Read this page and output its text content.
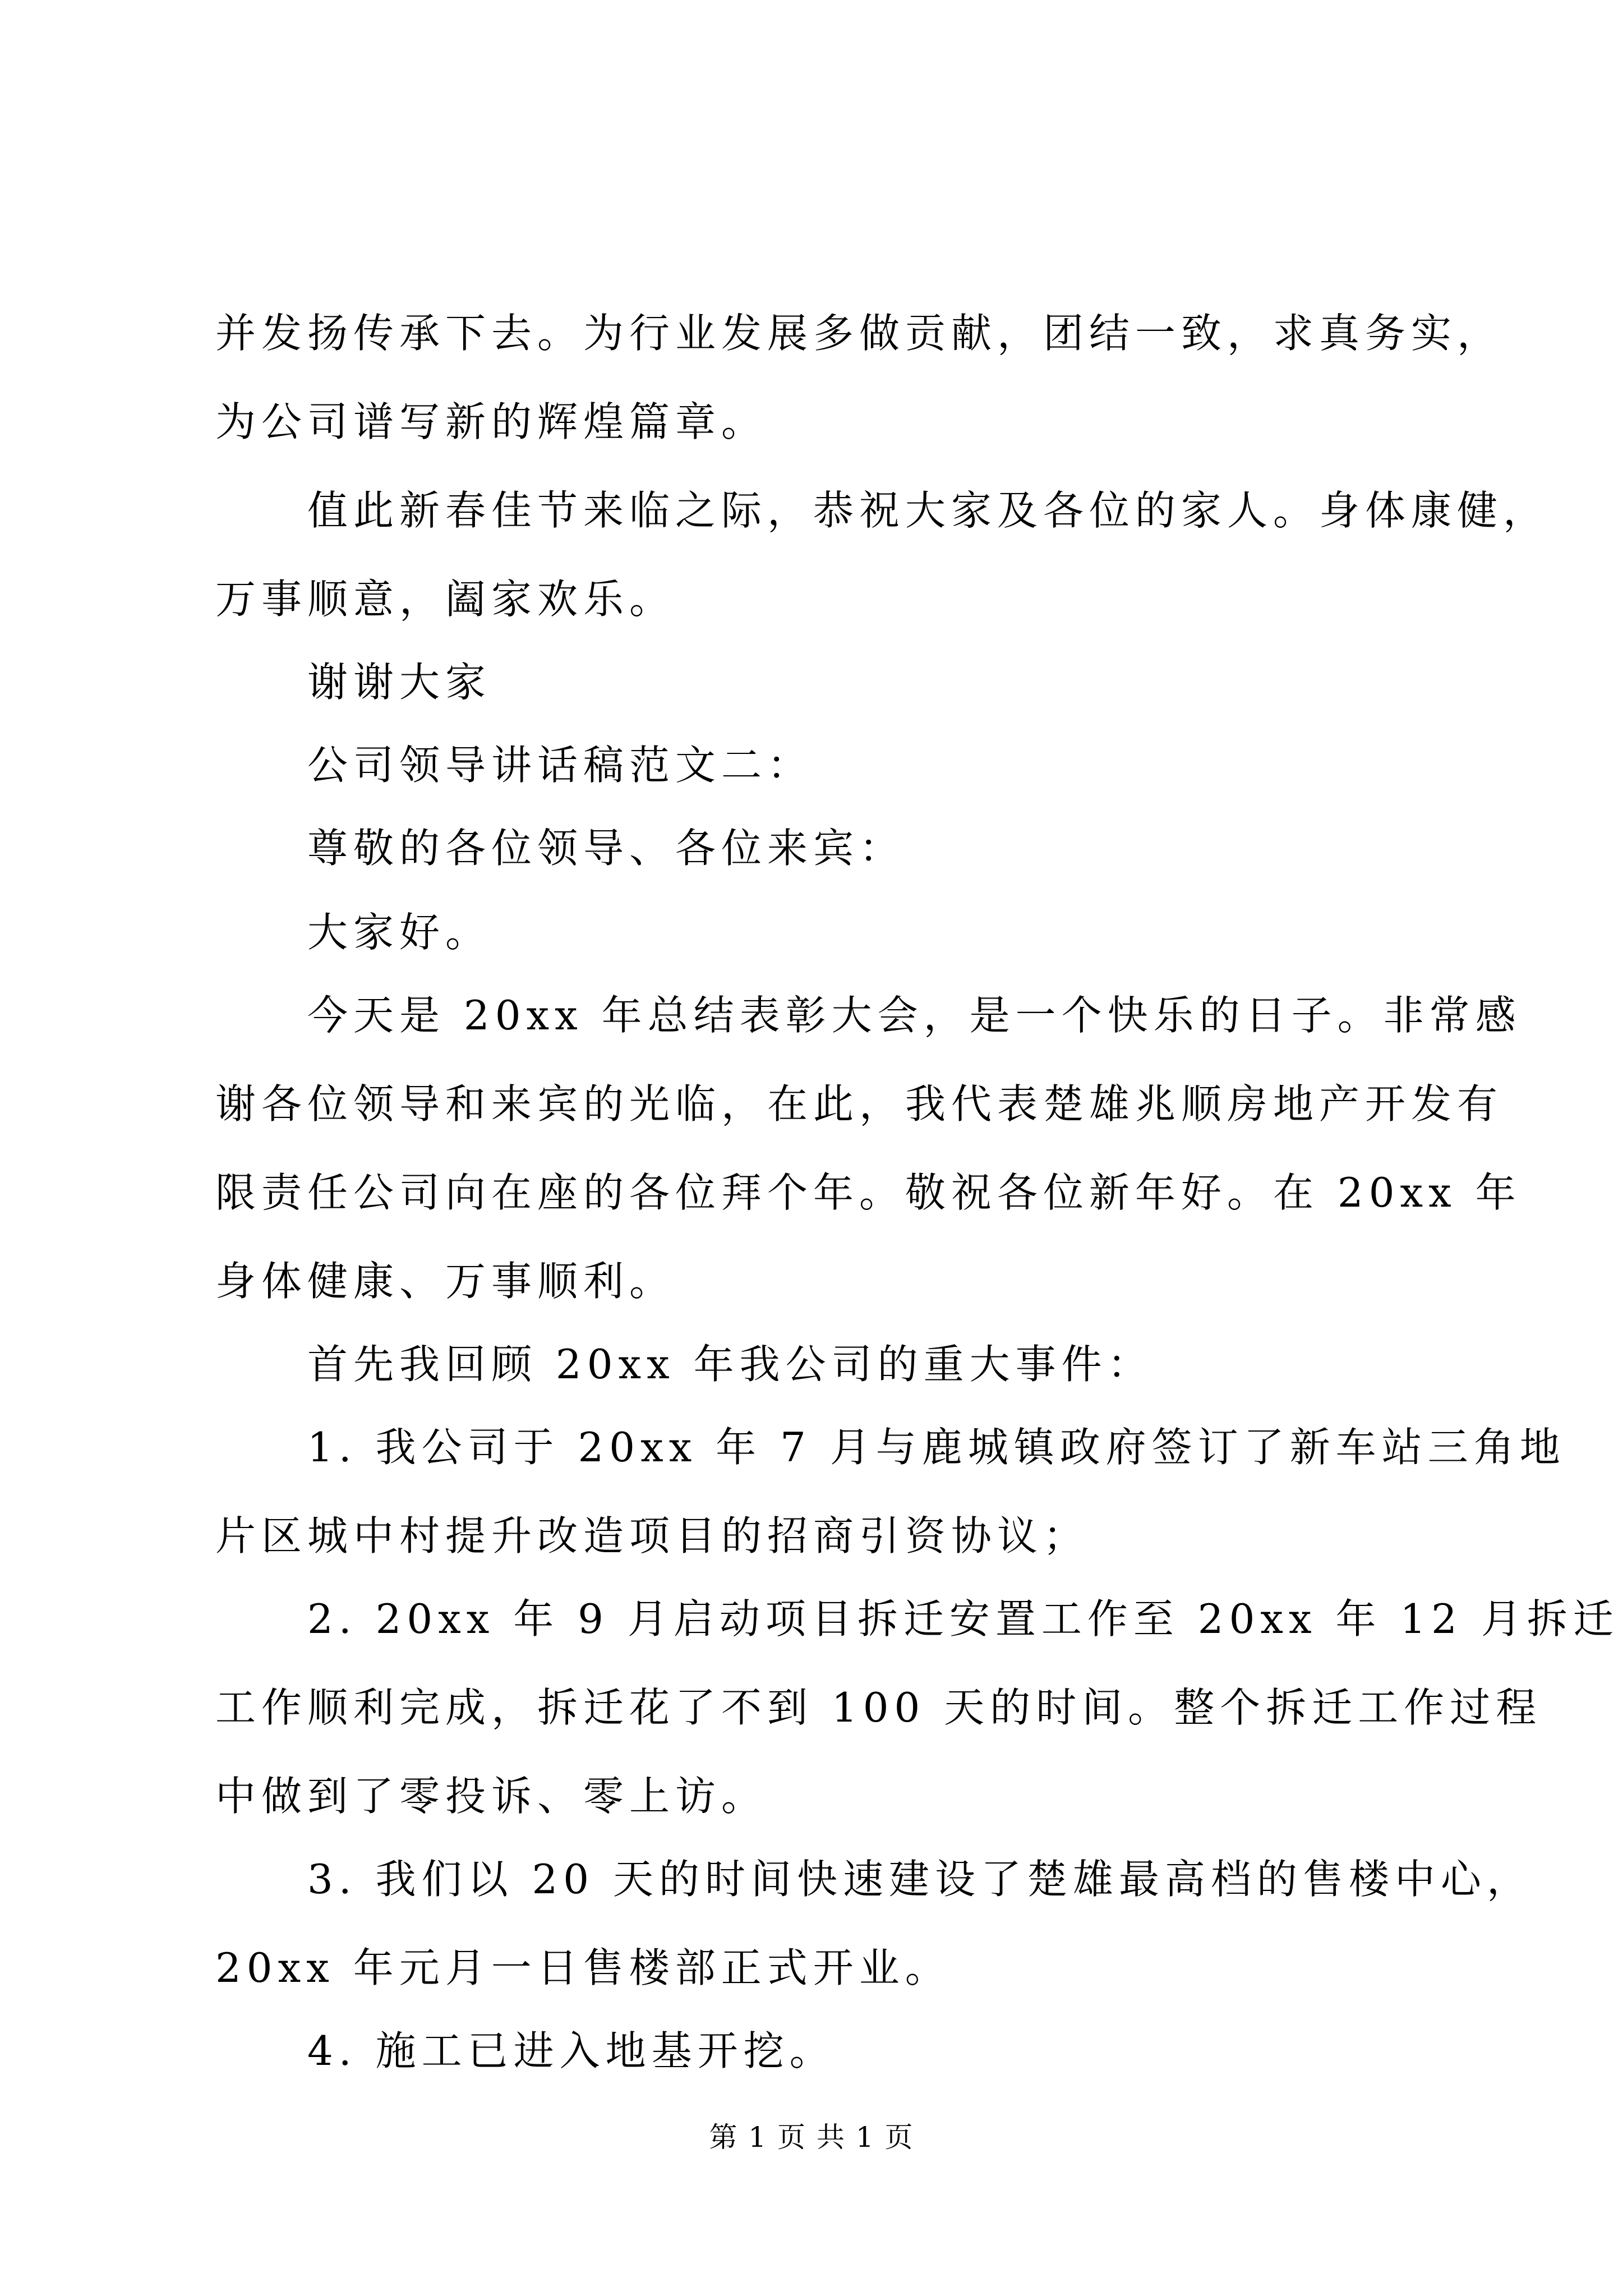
并发扬传承下去。为行业发展多做贡献，团结一致，求真务实，
为公司谱写新的辉煌篇章。
值此新春佳节来临之际，恭祝大家及各位的家人。身体康健，
万事顺意，阖家欢乐。
谢谢大家
公司领导讲话稿范文二：
尊敬的各位领导、各位来宾：
大家好。
今天是 20xx 年总结表彰大会，是一个快乐的日子。非常感
谢各位领导和来宾的光临，在此，我代表楚雄兆顺房地产开发有
限责任公司向在座的各位拜个年。敬祝各位新年好。在 20xx 年
身体健康、万事顺利。
首先我回顾 20xx 年我公司的重大事件：
1. 我公司于 20xx 年 7 月与鹿城镇政府签订了新车站三角地
片区城中村提升改造项目的招商引资协议；
2. 20xx 年 9 月启动项目拆迁安置工作至 20xx 年 12 月拆迁
工作顺利完成，拆迁花了不到 100 天的时间。整个拆迁工作过程
中做到了零投诉、零上访。
3. 我们以 20 天的时间快速建设了楚雄最高档的售楼中心，
20xx 年元月一日售楼部正式开业。
4. 施工已进入地基开挖。
第 1 页 共 1 页
